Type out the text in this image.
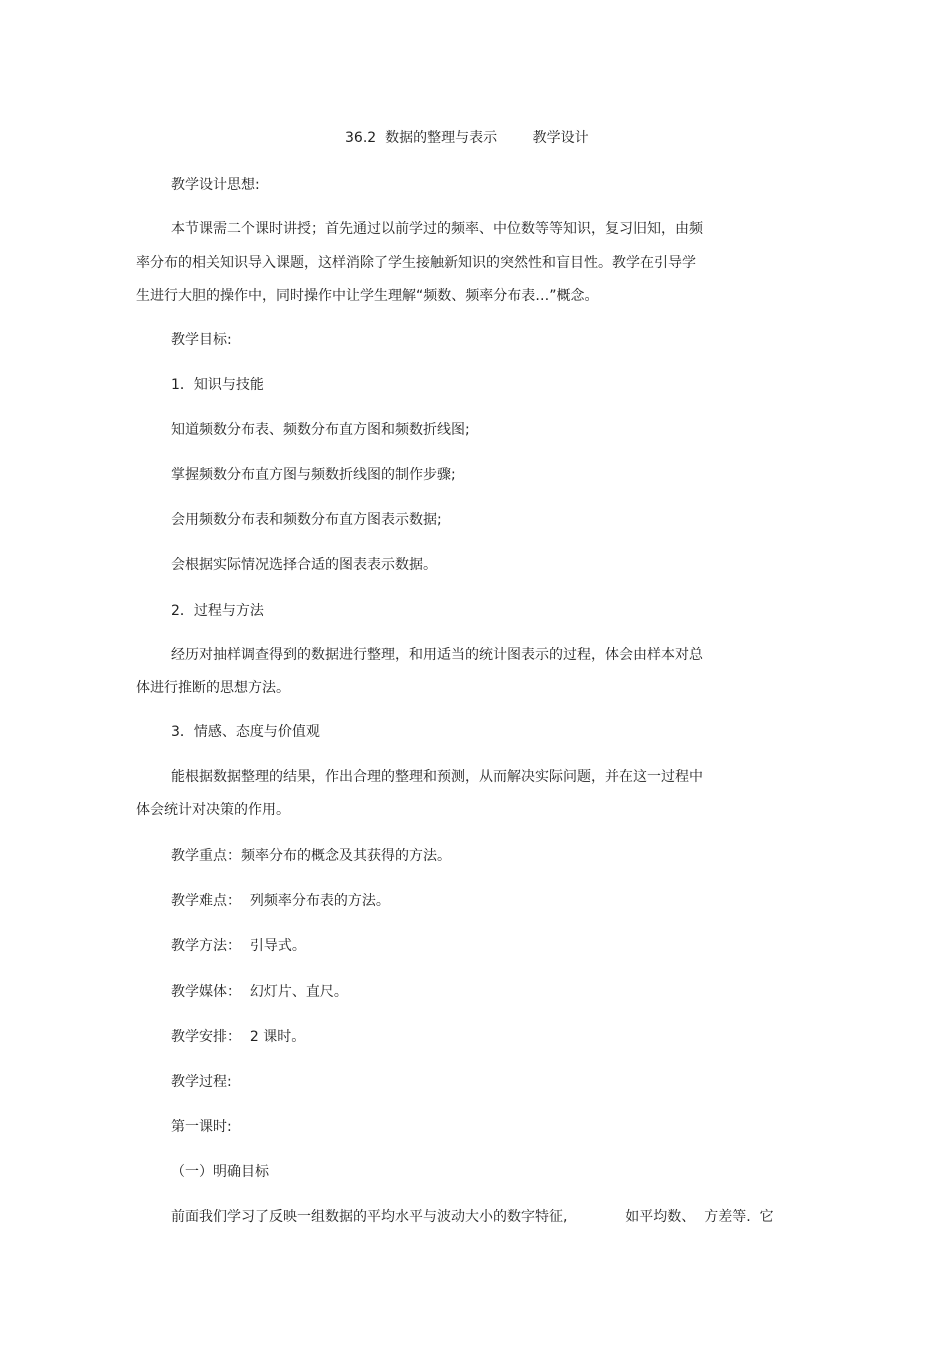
36.2  数据的整理与表示        教学设计
教学设计思想:
本节课需二个课时讲授；首先通过以前学过的频率、中位数等等知识，复习旧知，由频
率分布的相关知识导入课题，这样消除了学生接触新知识的突然性和盲目性。教学在引导学
生进行大胆的操作中，同时操作中让学生理解“频数、频率分布表…”概念。
教学目标:
1．知识与技能
知道频数分布表、频数分布直方图和频数折线图;
掌握频数分布直方图与频数折线图的制作步骤;
会用频数分布表和频数分布直方图表示数据;
会根据实际情况选择合适的图表表示数据。
2．过程与方法
经历对抽样调查得到的数据进行整理，和用适当的统计图表示的过程，体会由样本对总
体进行推断的思想方法。
3．情感、态度与价值观
能根据数据整理的结果，作出合理的整理和预测，从而解决实际问题，并在这一过程中
体会统计对决策的作用。
教学重点：频率分布的概念及其获得的方法。
教学难点：  列频率分布表的方法。
教学方法：  引导式。
教学媒体：  幻灯片、直尺。
教学安排：  2 课时。
教学过程:
第一课时:
（一）明确目标
前面我们学习了反映一组数据的平均水平与波动大小的数字特征,             如平均数、  方差等.  它
